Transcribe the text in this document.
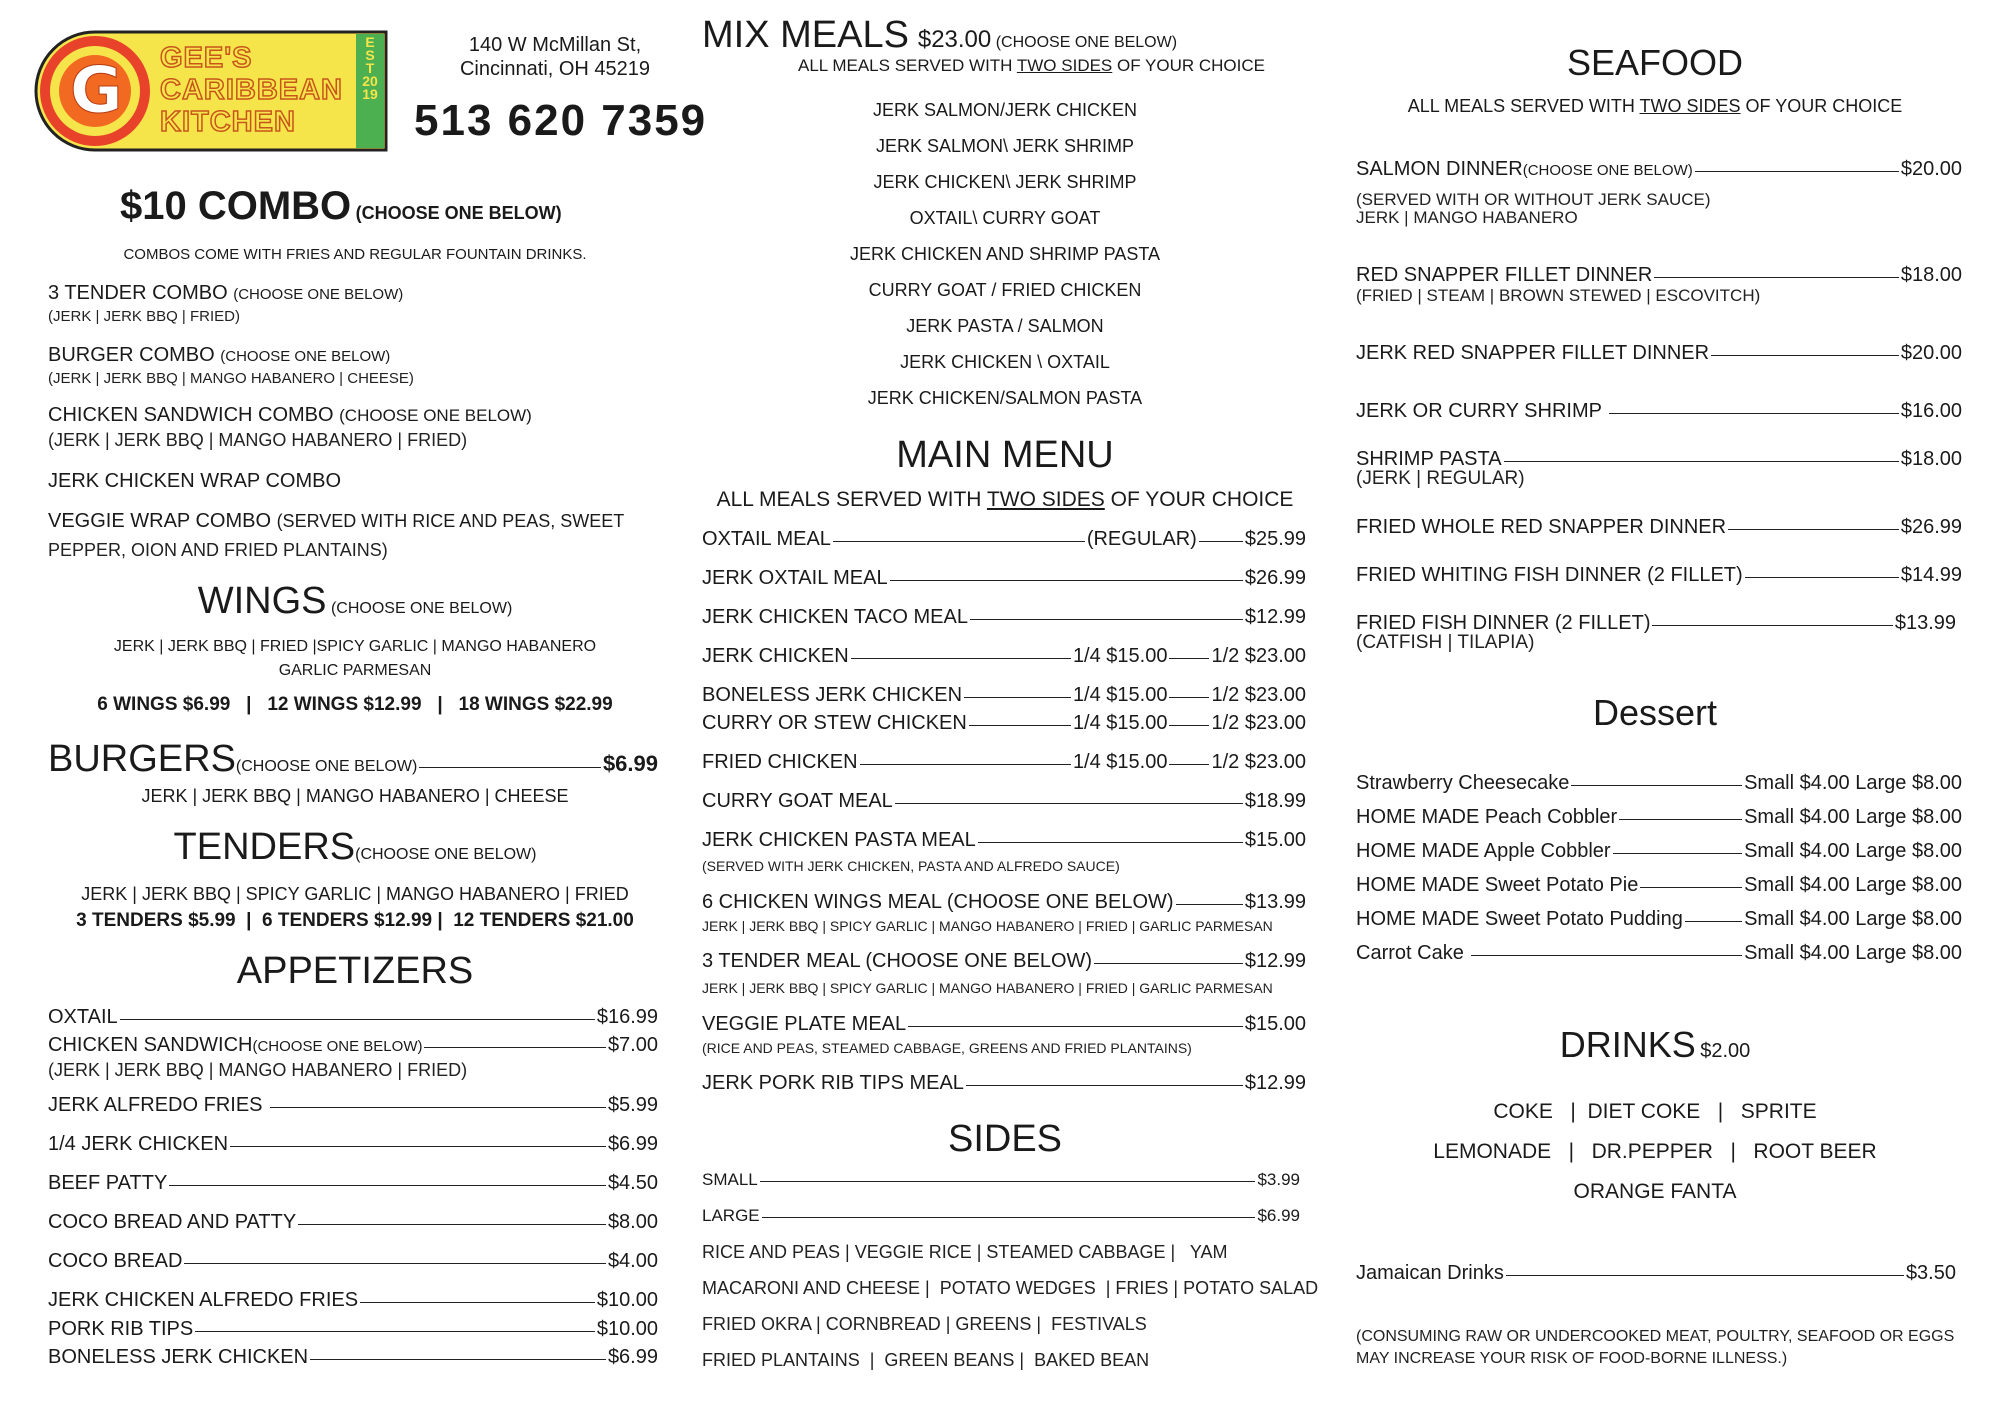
G GEE'S
CARIBBEAN
KITCHEN
EST 2019
140 W McMillan St,
Cincinnati, OH 45219
513 620 7359
$10 COMBO (CHOOSE ONE BELOW)
COMBOS COME WITH FRIES AND REGULAR FOUNTAIN DRINKS.
3 TENDER COMBO
(CHOOSE ONE BELOW)
(JERK | JERK BBQ | FRIED)
BURGER COMBO
(CHOOSE ONE BELOW)
(JERK | JERK BBQ | MANGO HABANERO | CHEESE)
CHICKEN SANDWICH COMBO
(CHOOSE ONE BELOW)
(JERK | JERK BBQ | MANGO HABANERO | FRIED)
JERK CHICKEN WRAP COMBO
VEGGIE WRAP COMBO
(SERVED WITH RICE AND PEAS, SWEET
PEPPER, OION AND FRIED PLANTAINS)
WINGS (CHOOSE ONE BELOW)
JERK | JERK BBQ | FRIED |SPICY GARLIC | MANGO HABANERO
GARLIC PARMESAN
6 WINGS $6.99   |   12 WINGS $12.99   |   18 WINGS $22.99
BURGERS (CHOOSE ONE BELOW)	$6.99
JERK | JERK BBQ | MANGO HABANERO | CHEESE
TENDERS(CHOOSE ONE BELOW)
JERK | JERK BBQ | SPICY GARLIC | MANGO HABANERO | FRIED
3 TENDERS $5.99  |  6 TENDERS $12.99 |  12 TENDERS $21.00
APPETIZERS
OXTAIL	$16.99
CHICKEN SANDWICH (CHOOSE ONE BELOW)	$7.00
(JERK | JERK BBQ | MANGO HABANERO | FRIED)
JERK ALFREDO FRIES	$5.99
1/4 JERK CHICKEN	$6.99
BEEF PATTY	$4.50
COCO BREAD AND PATTY	$8.00
COCO BREAD	$4.00
JERK CHICKEN ALFREDO FRIES	$10.00
PORK RIB TIPS	$10.00
BONELESS JERK CHICKEN	$6.99
MIX MEALS $23.00 (CHOOSE ONE BELOW)
ALL MEALS SERVED WITH TWO SIDES OF YOUR CHOICE
JERK SALMON/JERK CHICKEN
JERK SALMON\ JERK SHRIMP
JERK CHICKEN\ JERK SHRIMP
OXTAIL\ CURRY GOAT
JERK CHICKEN AND SHRIMP PASTA
CURRY GOAT / FRIED CHICKEN
JERK PASTA / SALMON
JERK CHICKEN \ OXTAIL
JERK CHICKEN/SALMON PASTA
MAIN MENU
ALL MEALS SERVED WITH TWO SIDES OF YOUR CHOICE
OXTAIL MEAL	(REGULAR) $25.99
JERK OXTAIL MEAL	$26.99
JERK CHICKEN TACO MEAL	$12.99
JERK CHICKEN	1/4 $15.00 1/2 $23.00
BONELESS JERK CHICKEN	1/4 $15.00 1/2 $23.00
CURRY OR STEW CHICKEN	1/4 $15.00 1/2 $23.00
FRIED CHICKEN	1/4 $15.00 1/2 $23.00
CURRY GOAT MEAL	$18.99
JERK CHICKEN PASTA MEAL	$15.00
(SERVED WITH JERK CHICKEN, PASTA AND ALFREDO SAUCE)
6 CHICKEN WINGS MEAL (CHOOSE ONE BELOW)	$13.99
JERK | JERK BBQ | SPICY GARLIC | MANGO HABANERO | FRIED | GARLIC PARMESAN
3 TENDER MEAL (CHOOSE ONE BELOW)	$12.99
JERK | JERK BBQ | SPICY GARLIC | MANGO HABANERO | FRIED | GARLIC PARMESAN
VEGGIE PLATE MEAL	$15.00
(RICE AND PEAS, STEAMED CABBAGE, GREENS AND FRIED PLANTAINS)
JERK PORK RIB TIPS MEAL	$12.99
SIDES
SMALL	$3.99
LARGE	$6.99
RICE AND PEAS | VEGGIE RICE | STEAMED CABBAGE |   YAM
MACARONI AND CHEESE |  POTATO WEDGES  | FRIES | POTATO SALAD
FRIED OKRA | CORNBREAD | GREENS |  FESTIVALS
FRIED PLANTAINS  |  GREEN BEANS |  BAKED BEAN
SEAFOOD
ALL MEALS SERVED WITH TWO SIDES OF YOUR CHOICE
SALMON DINNER (CHOOSE ONE BELOW)	$20.00
(SERVED WITH OR WITHOUT JERK SAUCE)
JERK | MANGO HABANERO
RED SNAPPER FILLET DINNER	$18.00
(FRIED | STEAM | BROWN STEWED | ESCOVITCH)
JERK RED SNAPPER FILLET DINNER	$20.00
JERK OR CURRY SHRIMP	$16.00
SHRIMP PASTA	$18.00
(JERK | REGULAR)
FRIED WHOLE RED SNAPPER DINNER	$26.99
FRIED WHITING FISH DINNER (2 FILLET)	$14.99
FRIED FISH DINNER (2 FILLET)	$13.99
(CATFISH | TILAPIA)
Dessert
Strawberry Cheesecake	Small $4.00 Large $8.00
HOME MADE Peach Cobbler	Small $4.00 Large $8.00
HOME MADE Apple Cobbler	Small $4.00 Large $8.00
HOME MADE Sweet Potato Pie	Small $4.00 Large $8.00
HOME MADE Sweet Potato Pudding	Small $4.00 Large $8.00
Carrot Cake	Small $4.00 Large $8.00
DRINKS $2.00
COKE   |  DIET COKE   |   SPRITE
LEMONADE   |   DR.PEPPER   |   ROOT BEER
ORANGE FANTA
Jamaican Drinks	$3.50
(CONSUMING RAW OR UNDERCOOKED MEAT, POULTRY, SEAFOOD OR EGGS
MAY INCREASE YOUR RISK OF FOOD-BORNE ILLNESS.)
